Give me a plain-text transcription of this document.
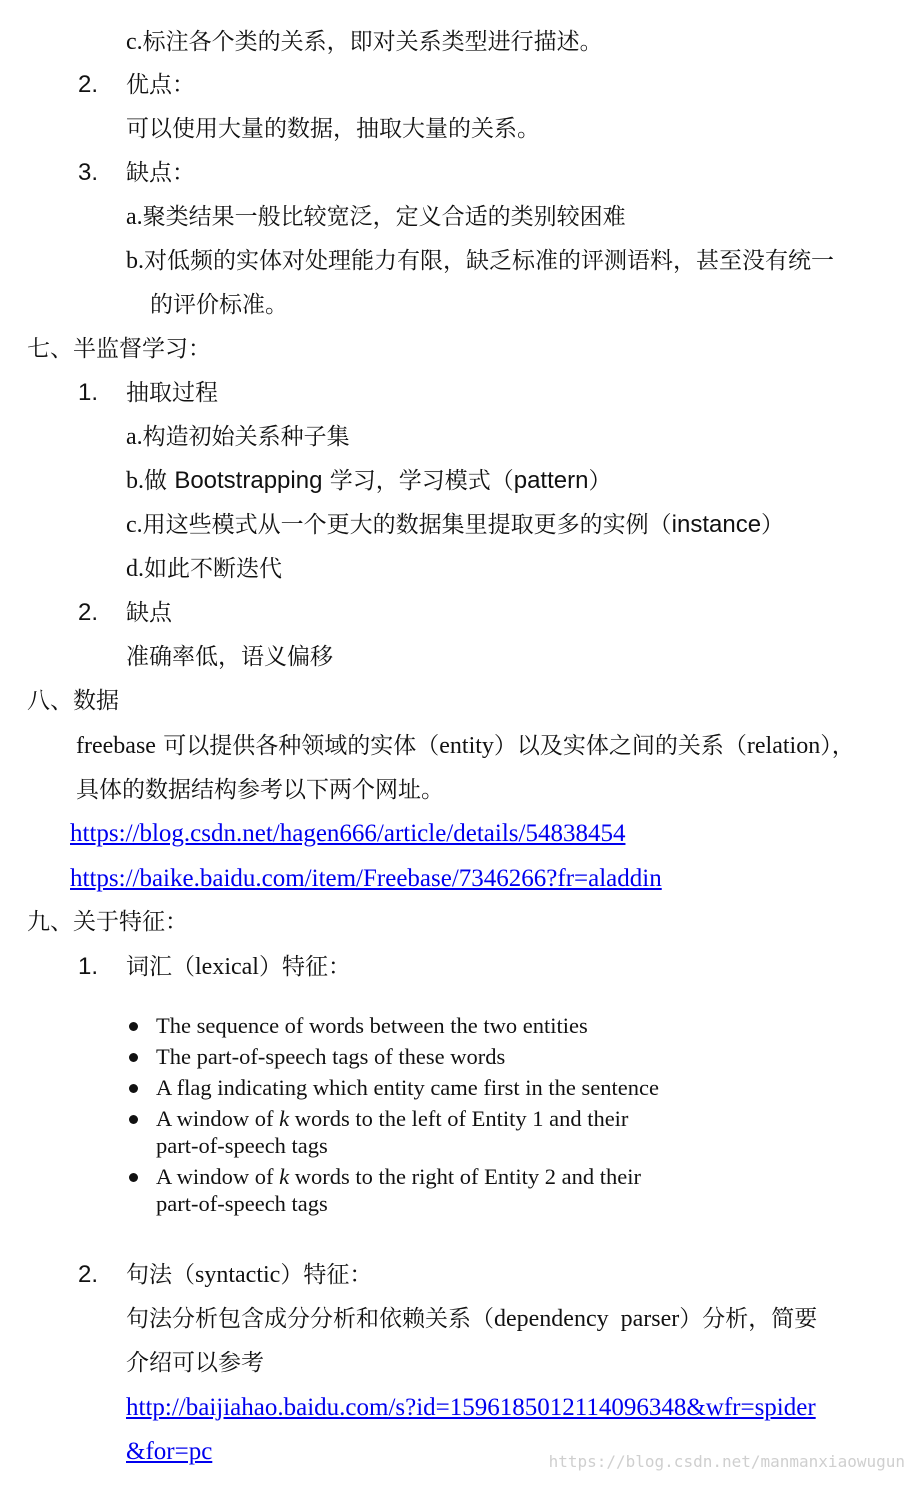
c.标注各个类的关系，即对关系类型进行描述。
2. 优点：
可以使用大量的数据，抽取大量的关系。
3. 缺点：
a.聚类结果一般比较宽泛，定义合适的类别较困难
b.对低频的实体对处理能力有限，缺乏标准的评测语料，甚至没有统一
的评价标准。
七、半监督学习：
1. 抽取过程
a.构造初始关系种子集
b.做 Bootstrapping 学习，学习模式（pattern）
c.用这些模式从一个更大的数据集里提取更多的实例（instance）
d.如此不断迭代
2. 缺点
准确率低，语义偏移
八、数据
freebase 可以提供各种领域的实体（entity）以及实体之间的关系（relation），
具体的数据结构参考以下两个网址。
https://blog.csdn.net/hagen666/article/details/54838454
https://baike.baidu.com/item/Freebase/7346266?fr=aladdin
九、关于特征：
1. 词汇（lexical）特征：
The sequence of words between the two entities
The part-of-speech tags of these words
A flag indicating which entity came first in the sentence
A window of k words to the left of Entity 1 and their
part-of-speech tags
A window of k words to the right of Entity 2 and their
part-of-speech tags
2. 句法（syntactic）特征：
句法分析包含成分分析和依赖关系（dependency  parser）分析，简要
介绍可以参考
http://baijiahao.baidu.com/s?id=1596185012114096348&wfr=spider
&for=pc	https://blog.csdn.net/manmanxiaowugun
